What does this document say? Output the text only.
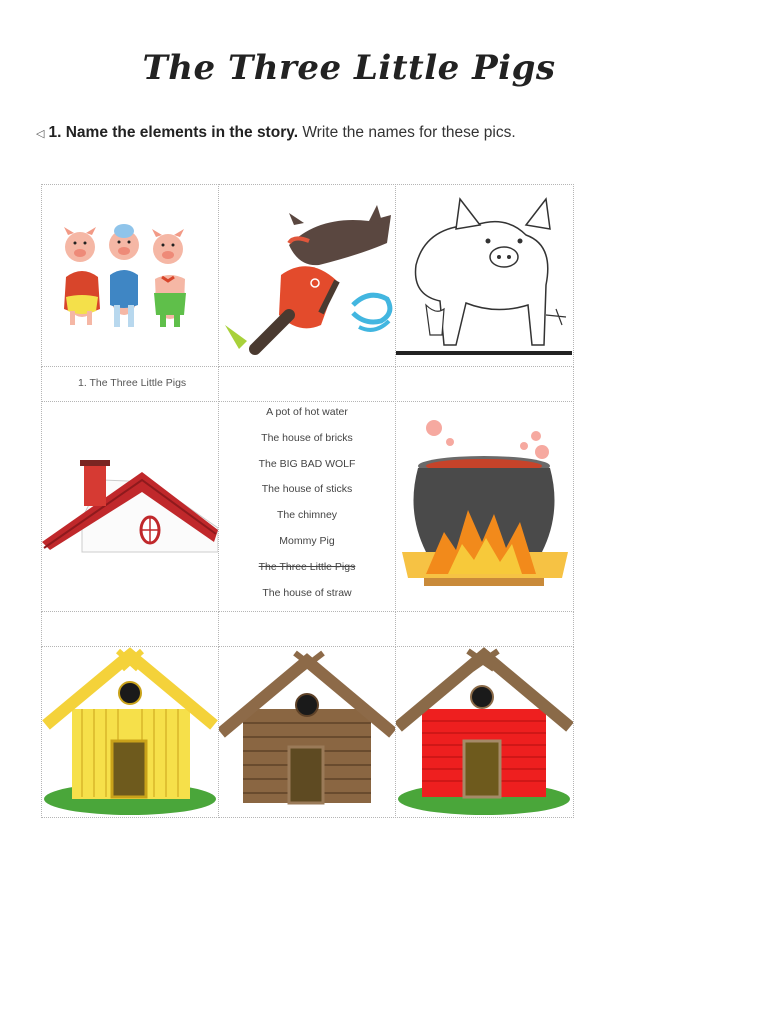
The Three Little Pigs
◁ 1. Name the elements in the story. Write the names for these pics.
1. The Three Little Pigs
A pot of hot water
The house of bricks
The BIG BAD WOLF
The house of sticks
The chimney
Mommy Pig
The Three Little Pigs
The house of straw
